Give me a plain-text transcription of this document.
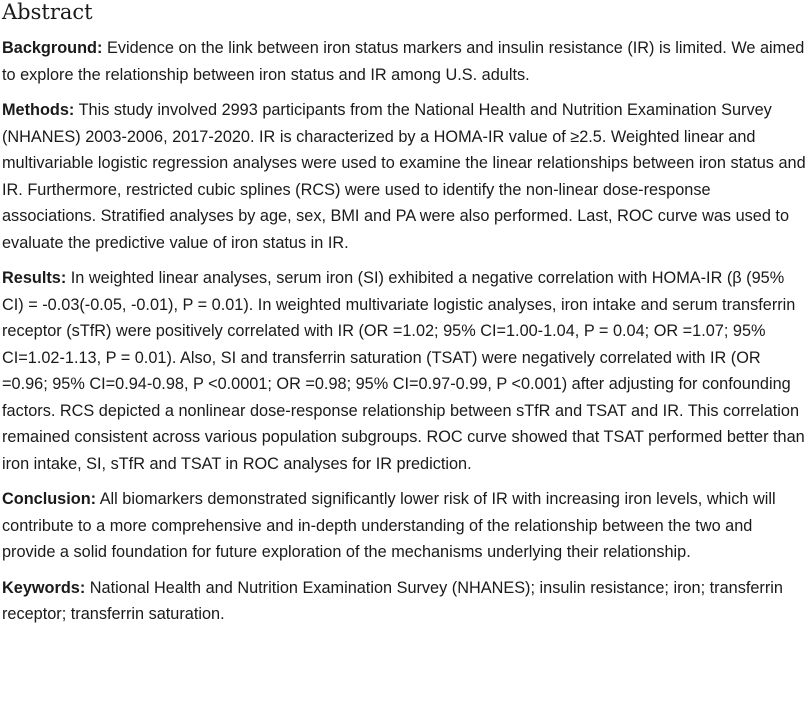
Abstract

Background: Evidence on the link between iron status markers and insulin resistance (IR) is limited. We aimed to explore the relationship between iron status and IR among U.S. adults.

Methods: This study involved 2993 participants from the National Health and Nutrition Examination Survey (NHANES) 2003-2006, 2017-2020. IR is characterized by a HOMA-IR value of ≥2.5. Weighted linear and multivariable logistic regression analyses were used to examine the linear relationships between iron status and IR. Furthermore, restricted cubic splines (RCS) were used to identify the non-linear dose-response associations. Stratified analyses by age, sex, BMI and PA were also performed. Last, ROC curve was used to evaluate the predictive value of iron status in IR.

Results: In weighted linear analyses, serum iron (SI) exhibited a negative correlation with HOMA-IR (β (95% CI) = -0.03(-0.05, -0.01), P = 0.01). In weighted multivariate logistic analyses, iron intake and serum transferrin receptor (sTfR) were positively correlated with IR (OR =1.02; 95% CI=1.00-1.04, P = 0.04; OR =1.07; 95% CI=1.02-1.13, P = 0.01). Also, SI and transferrin saturation (TSAT) were negatively correlated with IR (OR =0.96; 95% CI=0.94-0.98, P <0.0001; OR =0.98; 95% CI=0.97-0.99, P <0.001) after adjusting for confounding factors. RCS depicted a nonlinear dose-response relationship between sTfR and TSAT and IR. This correlation remained consistent across various population subgroups. ROC curve showed that TSAT performed better than iron intake, SI, sTfR and TSAT in ROC analyses for IR prediction.

Conclusion: All biomarkers demonstrated significantly lower risk of IR with increasing iron levels, which will contribute to a more comprehensive and in-depth understanding of the relationship between the two and provide a solid foundation for future exploration of the mechanisms underlying their relationship.

Keywords: National Health and Nutrition Examination Survey (NHANES); insulin resistance; iron; transferrin receptor; transferrin saturation.
